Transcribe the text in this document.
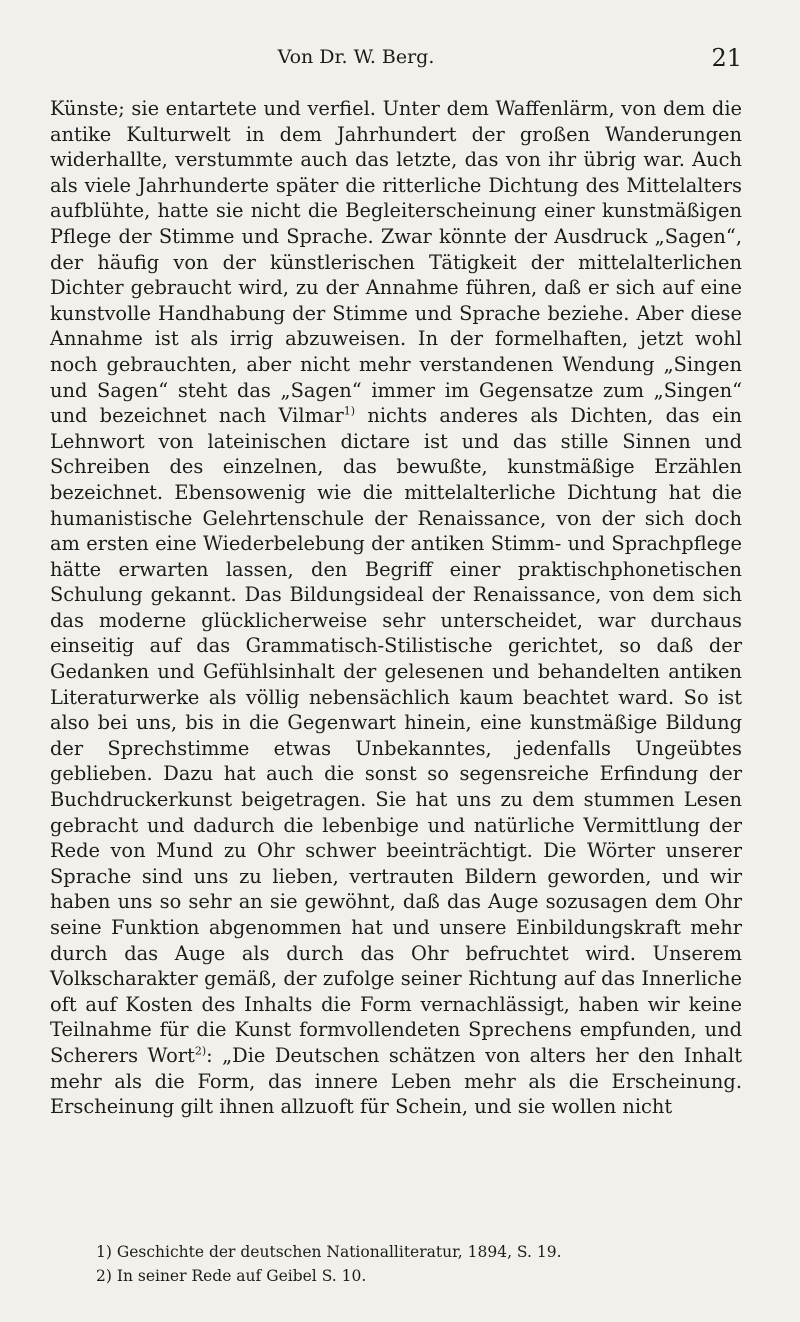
Von Dr. W. Berg.	21

Künste; sie entartete und verfiel. Unter dem Waffenlärm, von dem die antike Kulturwelt in dem Jahrhundert der großen Wanderungen widerhallte, verstummte auch das letzte, das von ihr übrig war. Auch als viele Jahrhunderte später die ritterliche Dichtung des Mittelalters aufblühte, hatte sie nicht die Begleiterscheinung einer kunstmäßigen Pflege der Stimme und Sprache. Zwar könnte der Ausdruck „Sagen“, der häufig von der künstlerischen Tätigkeit der mittelalterlichen Dichter gebraucht wird, zu der Annahme führen, daß er sich auf eine kunstvolle Handhabung der Stimme und Sprache beziehe. Aber diese Annahme ist als irrig abzuweisen. In der formelhaften, jetzt wohl noch gebrauchten, aber nicht mehr verstandenen Wendung „Singen und Sagen“ steht das „Sagen“ immer im Gegensatze zum „Singen“ und bezeichnet nach Vilmar$^{1)}$ nichts anderes als Dichten, das ein Lehnwort von lateinischen dictare ist und das stille Sinnen und Schreiben des einzelnen, das bewußte, kunstmäßige Erzählen bezeichnet. Ebensowenig wie die mittelalterliche Dichtung hat die humanistische Gelehrtenschule der Renaissance, von der sich doch am ersten eine Wiederbelebung der antiken Stimm- und Sprachpflege hätte erwarten lassen, den Begriff einer praktischphonetischen Schulung gekannt. Das Bildungsideal der Renaissance, von dem sich das moderne glücklicherweise sehr unterscheidet, war durchaus einseitig auf das Grammatisch-Stilistische gerichtet, so daß der Gedanken und Gefühlsinhalt der gelesenen und behandelten antiken Literaturwerke als völlig nebensächlich kaum beachtet ward. So ist also bei uns, bis in die Gegenwart hinein, eine kunstmäßige Bildung der Sprechstimme etwas Unbekanntes, jedenfalls Ungeübtes geblieben. Dazu hat auch die sonst so segensreiche Erfindung der Buchdruckerkunst beigetragen. Sie hat uns zu dem stummen Lesen gebracht und dadurch die lebenbige und natürliche Vermittlung der Rede von Mund zu Ohr schwer beeinträchtigt. Die Wörter unserer Sprache sind uns zu lieben, vertrauten Bildern geworden, und wir haben uns so sehr an sie gewöhnt, daß das Auge sozusagen dem Ohr seine Funktion abgenommen hat und unsere Einbildungskraft mehr durch das Auge als durch das Ohr befruchtet wird. Unserem Volkscharakter gemäß, der zufolge seiner Richtung auf das Innerliche oft auf Kosten des Inhalts die Form vernachlässigt, haben wir keine Teilnahme für die Kunst formvollendeten Sprechens empfunden, und Scherers Wort$^{2)}$: „Die Deutschen schätzen von alters her den Inhalt mehr als die Form, das innere Leben mehr als die Erscheinung. Erscheinung gilt ihnen allzuoft für Schein, und sie wollen nicht

1) Geschichte der deutschen Nationalliteratur, 1894, S. 19.
2) In seiner Rede auf Geibel S. 10.
